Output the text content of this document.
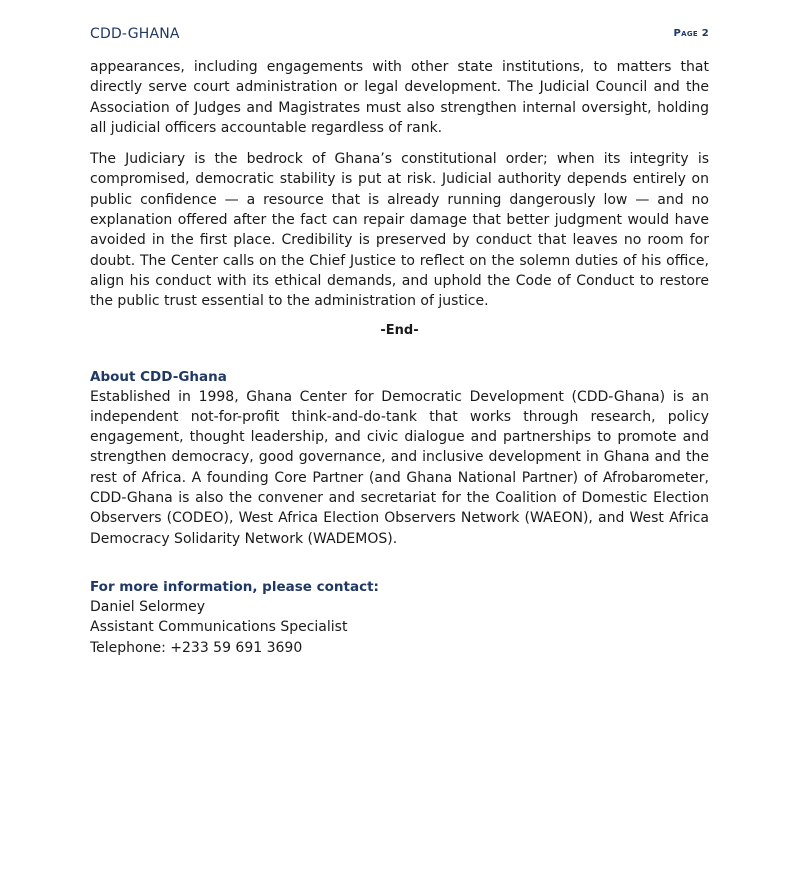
CDD-GHANA	Page 2

appearances, including engagements with other state institutions, to matters that directly serve court administration or legal development. The Judicial Council and the Association of Judges and Magistrates must also strengthen internal oversight, holding all judicial officers accountable regardless of rank.

The Judiciary is the bedrock of Ghana’s constitutional order; when its integrity is compromised, democratic stability is put at risk. Judicial authority depends entirely on public confidence — a resource that is already running dangerously low — and no explanation offered after the fact can repair damage that better judgment would have avoided in the first place. Credibility is preserved by conduct that leaves no room for doubt. The Center calls on the Chief Justice to reflect on the solemn duties of his office, align his conduct with its ethical demands, and uphold the Code of Conduct to restore the public trust essential to the administration of justice.

-End-

About CDD-Ghana

Established in 1998, Ghana Center for Democratic Development (CDD-Ghana) is an independent not-for-profit think-and-do-tank that works through research, policy engagement, thought leadership, and civic dialogue and partnerships to promote and strengthen democracy, good governance, and inclusive development in Ghana and the rest of Africa. A founding Core Partner (and Ghana National Partner) of Afrobarometer, CDD-Ghana is also the convener and secretariat for the Coalition of Domestic Election Observers (CODEO), West Africa Election Observers Network (WAEON), and West Africa Democracy Solidarity Network (WADEMOS).

For more information, please contact:

Daniel Selormey

Assistant Communications Specialist

Telephone: +233 59 691 3690
